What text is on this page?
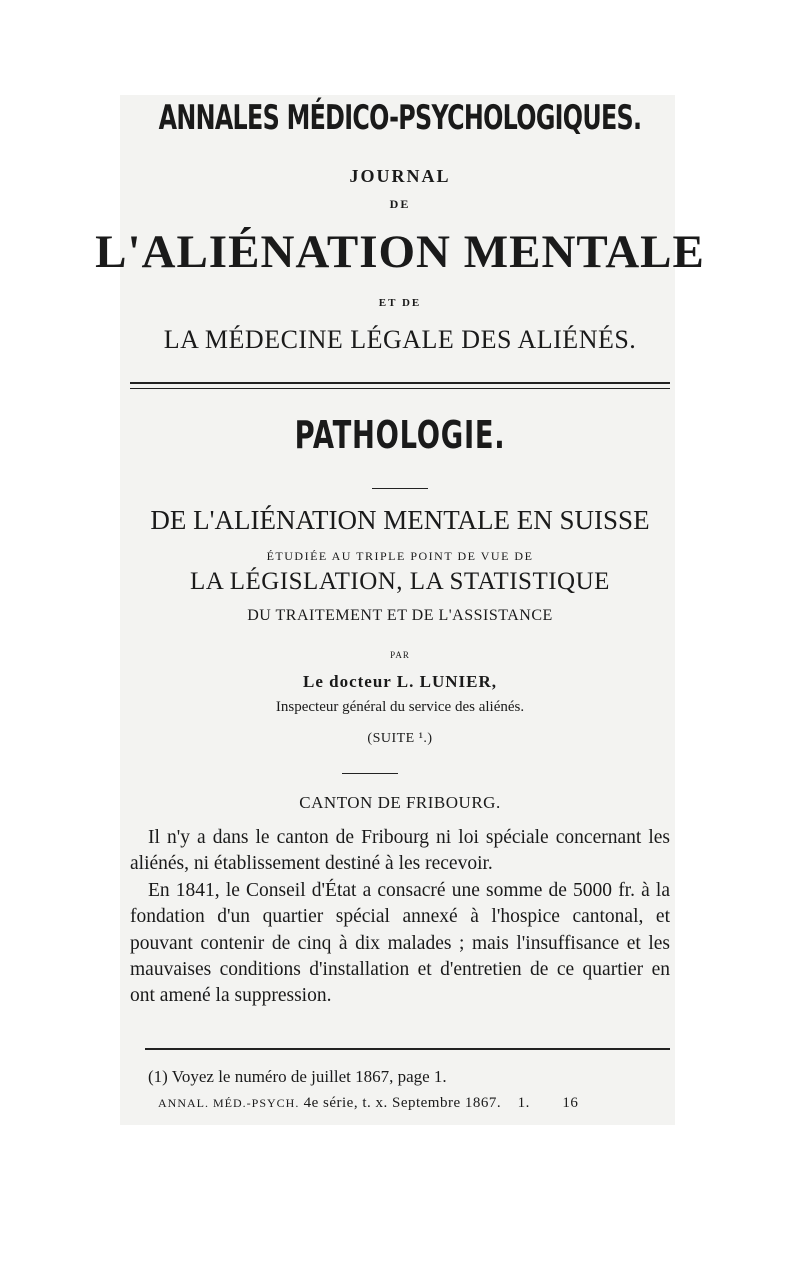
ANNALES MÉDICO-PSYCHOLOGIQUES.
JOURNAL
DE
L'ALIÉNATION MENTALE
ET DE
LA MÉDECINE LÉGALE DES ALIÉNÉS.
PATHOLOGIE.
DE L'ALIÉNATION MENTALE EN SUISSE
ÉTUDIÉE AU TRIPLE POINT DE VUE DE
LA LÉGISLATION, LA STATISTIQUE
DU TRAITEMENT ET DE L'ASSISTANCE
PAR
Le docteur L. LUNIER,
Inspecteur général du service des aliénés.
(SUITE ¹.)
CANTON DE FRIBOURG.

Il n'y a dans le canton de Fribourg ni loi spéciale concernant les aliénés, ni établissement destiné à les recevoir.

En 1841, le Conseil d'État a consacré une somme de 5000 fr. à la fondation d'un quartier spécial annexé à l'hospice cantonal, et pouvant contenir de cinq à dix malades ; mais l'insuffisance et les mauvaises conditions d'installation et d'entretien de ce quartier en ont amené la suppression.

(1) Voyez le numéro de juillet 1867, page 1.
ANNAL. MÉD.-PSYCH. 4e série, t. x. Septembre 1867. 1. 16
